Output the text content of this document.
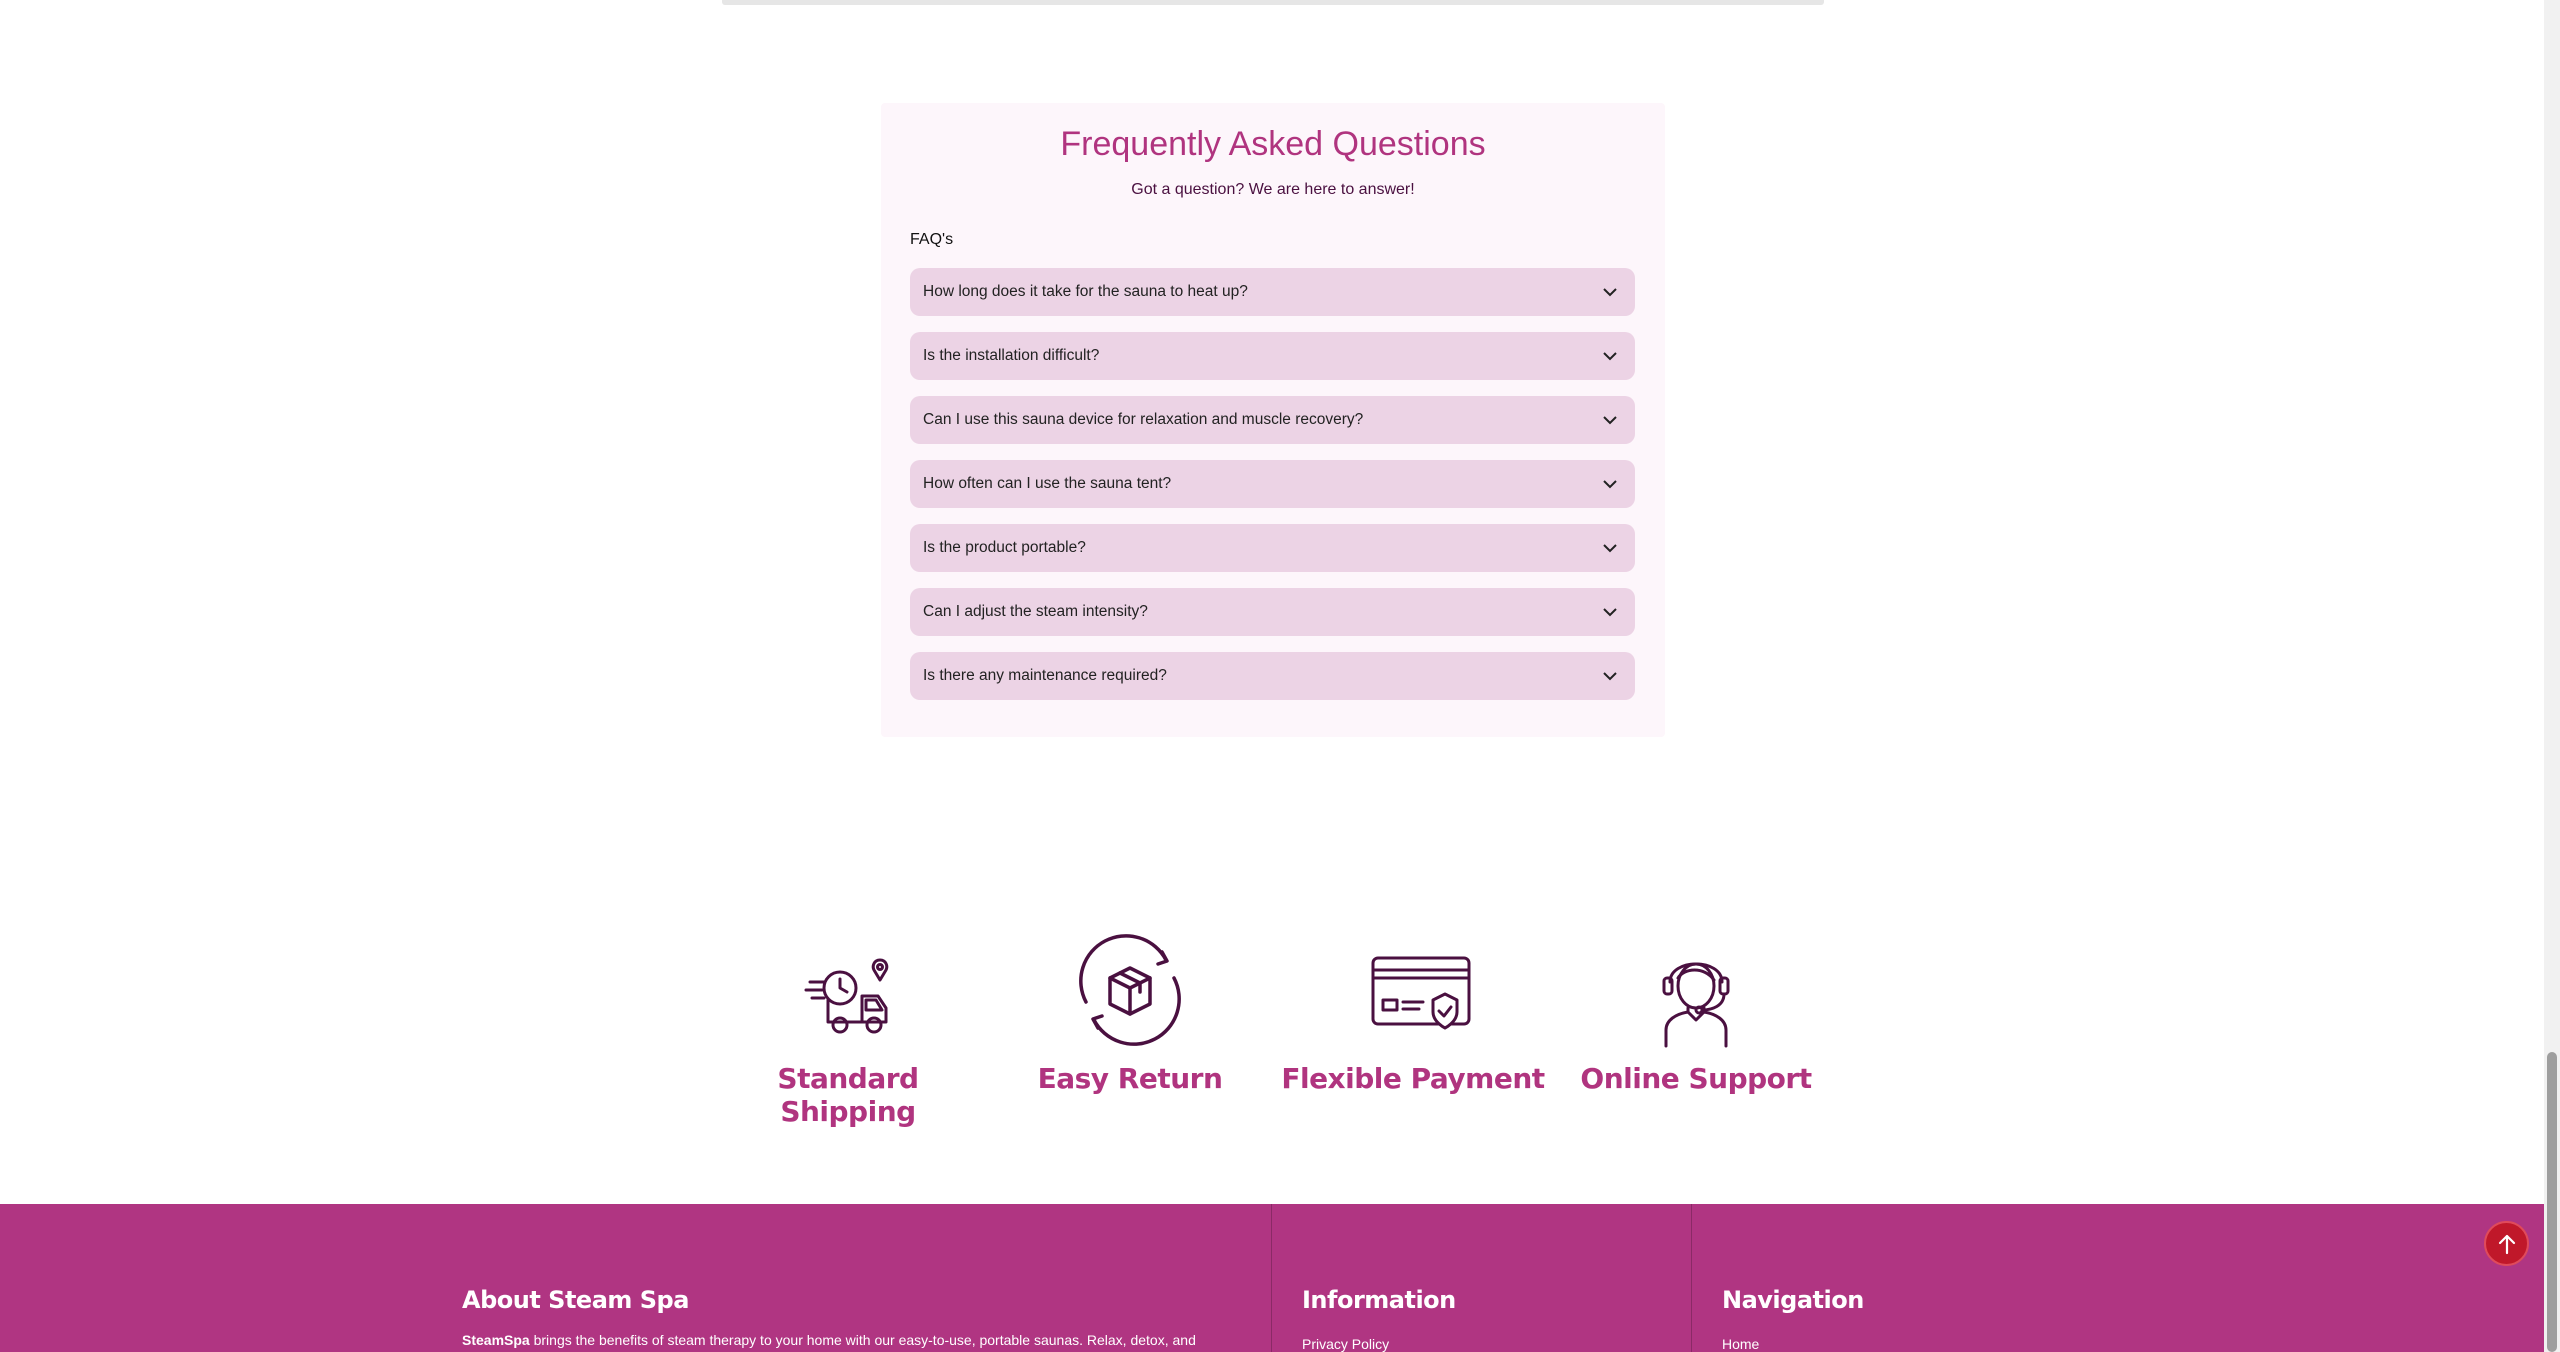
Frequently Asked Questions

Got a question? We are here to answer!

FAQ's
How long does it take for the sauna to heat up?
Is the installation difficult?
Can I use this sauna device for relaxation and muscle recovery?
How often can I use the sauna tent?
Is the product portable?
Can I adjust the steam intensity?
Is there any maintenance required?
Standard Shipping
Easy Return	Flexible Payment	Online Support
About Steam Spa

SteamSpa brings the benefits of steam therapy to your home with our easy-to-use, portable saunas. Relax, detox, and

Information
Privacy Policy
Navigation
Home
